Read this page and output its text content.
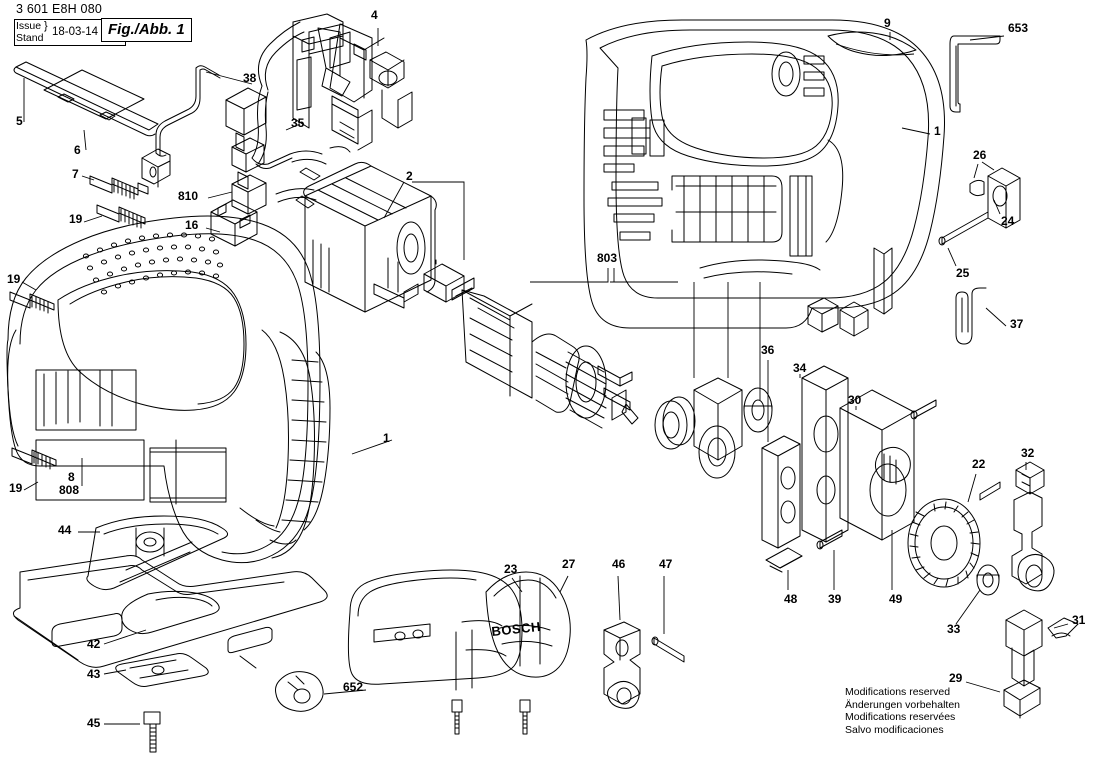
3 601 E8H 080
Issue
Stand
} 18-03-14 Fig./Abb. 1
Modifications reserved
Änderungen vorbehalten
Modifications reservées
Salvo modificaciones
BOSCH
4
9	653
38
35
1
5
6	26
7
810
2
19	16	24
25
803
19
37
36
34
30
1
22
32
19
8
808
44
48	39	49
33
31
23	27	46	47
42
43
652
29
45
